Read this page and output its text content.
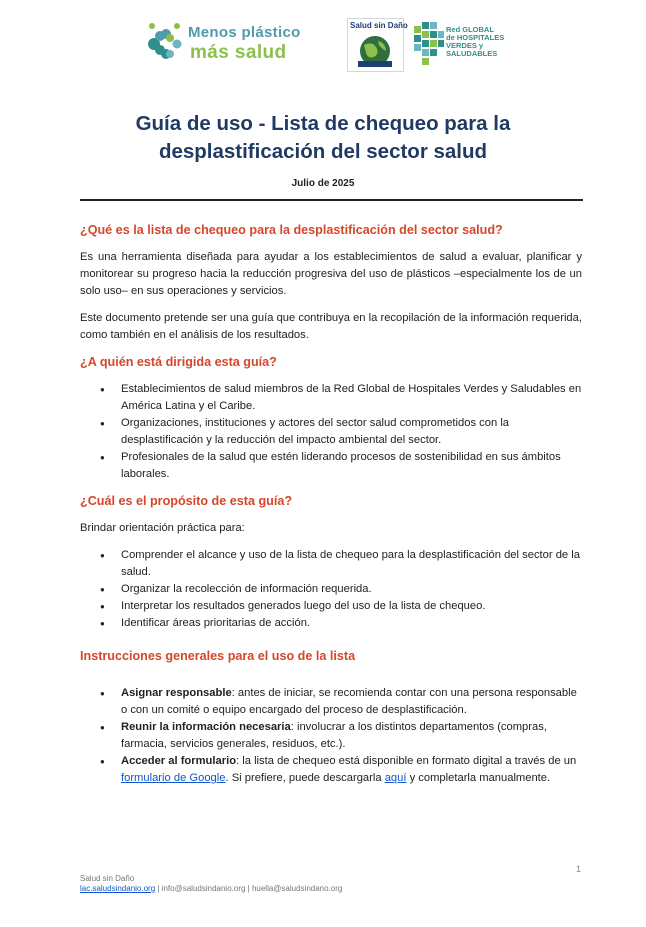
Menos plástico
más salud
Salud sin Daño	Red GLOBAL
de HOSPITALES
VERDES y
SALUDABLES
Guía de uso - Lista de chequeo para la desplastificación del sector salud
Julio de 2025
¿Qué es la lista de chequeo para la desplastificación del sector salud?

Es una herramienta diseñada para ayudar a los establecimientos de salud a evaluar, planificar y monitorear su progreso hacia la reducción progresiva del uso de plásticos –especialmente los de un solo uso– en sus operaciones y servicios.

Este documento pretende ser una guía que contribuya en la recopilación de la información requerida, como también en el análisis de los resultados.

¿A quién está dirigida esta guía?
● Establecimientos de salud miembros de la Red Global de Hospitales Verdes y Saludables en América Latina y el Caribe.
● Organizaciones, instituciones y actores del sector salud comprometidos con la desplastificación y la reducción del impacto ambiental del sector.
● Profesionales de la salud que estén liderando procesos de sostenibilidad en sus ámbitos laborales.
¿Cuál es el propósito de esta guía?

Brindar orientación práctica para:

● Comprender el alcance y uso de la lista de chequeo para la desplastificación del sector de la salud.
● Organizar la recolección de información requerida.
● Interpretar los resultados generados luego del uso de la lista de chequeo.
● Identificar áreas prioritarias de acción.
Instrucciones generales para el uso de la lista
● Asignar responsable: antes de iniciar, se recomienda contar con una persona responsable o con un comité o equipo encargado del proceso de desplastificación.
● Reunir la información necesaria: involucrar a los distintos departamentos (compras, farmacia, servicios generales, residuos, etc.).
● Acceder al formulario: la lista de chequeo está disponible en formato digital a través de un formulario de Google. Si prefiere, puede descargarla aquí y completarla manualmente.
1
Salud sin Daño
lac.saludsindanio.org | info@saludsindanio.org | huella@saludsindano.org
